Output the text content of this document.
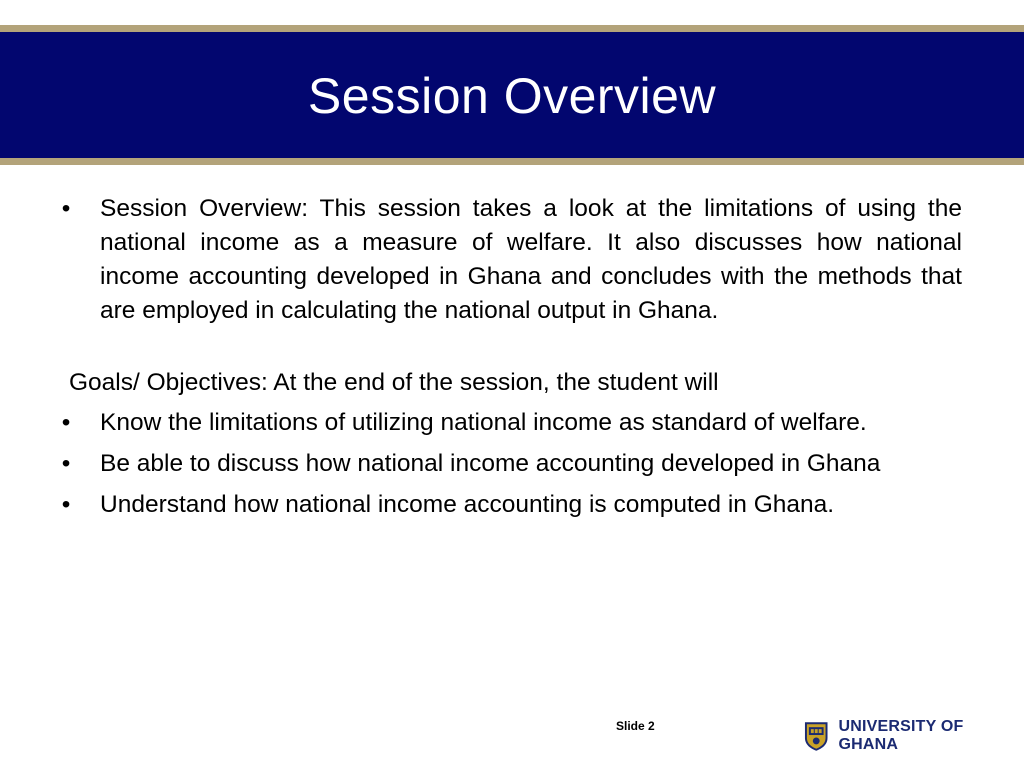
Session Overview
• Session Overview: This session takes a look at the limitations of using the national income as a measure of welfare. It also discusses how national income accounting developed in Ghana and concludes with the methods that are employed in calculating the national output in Ghana.
Goals/ Objectives: At the end of the session, the student will
• Know the limitations of utilizing national income as standard of welfare.
• Be able to discuss how national income accounting developed in Ghana
• Understand how national income accounting is computed in Ghana.
Slide 2	UNIVERSITY OF GHANA
